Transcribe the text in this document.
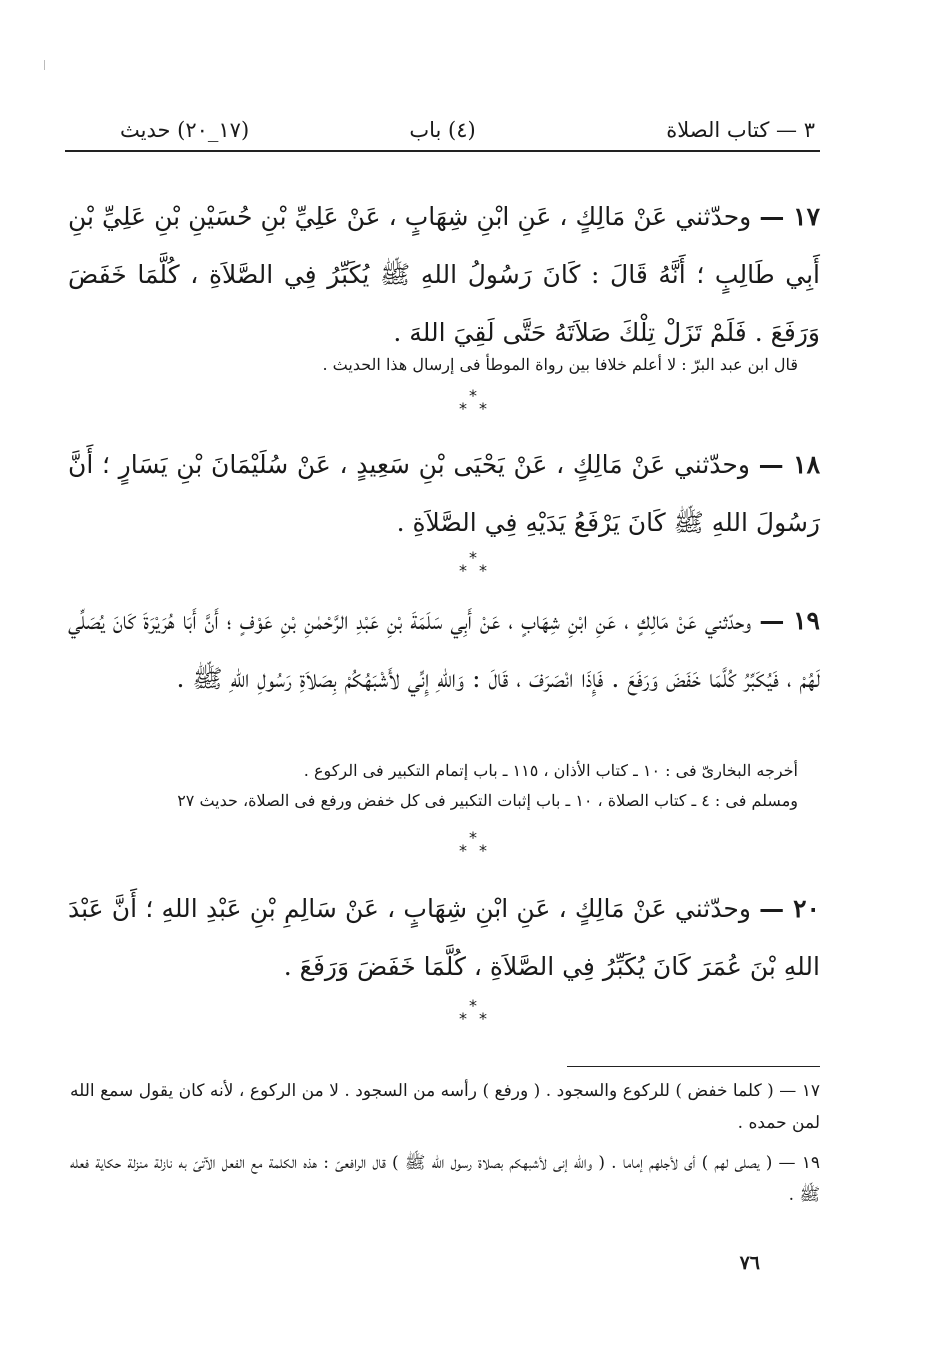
٣ — كتاب الصلاة
(٤) باب
(١٧_٢٠) حديث

١٧ — وحدّثني عَنْ مَالِكٍ ، عَنِ ابْنِ شِهَابٍ ، عَنْ عَلِيِّ بْنِ حُسَيْنِ بْنِ عَلِيِّ بْنِ أَبِي طَالِبٍ ؛ أَنَّهُ قَالَ : كَانَ رَسُولُ اللهِ ﷺ يُكَبِّرُ فِي الصَّلاَةِ ، كُلَّمَا خَفَضَ وَرَفَعَ . فَلَمْ تَزَلْ تِلْكَ صَلاَتَهُ حَتَّى لَقِيَ اللهَ .

قال ابن عبد البرّ : لا أعلم خلافا بين رواة الموطأ فى إرسال هذا الحديث .

*
* *

١٨ — وحدّثني عَنْ مَالِكٍ ، عَنْ يَحْيَى بْنِ سَعِيدٍ ، عَنْ سُلَيْمَانَ بْنِ يَسَارٍ ؛ أَنَّ رَسُولَ اللهِ ﷺ كَانَ يَرْفَعُ يَدَيْهِ فِي الصَّلاَةِ .

*
* *

١٩ — وحدّثني عَنْ مَالِكٍ ، عَنِ ابْنِ شِهَابٍ ، عَنْ أَبِي سَلَمَةَ بْنِ عَبْدِ الرَّحْمٰنِ بْنِ عَوْفٍ ؛ أَنَّ أَبَا هُرَيْرَةَ كَانَ يُصَلِّي لَهُمْ ، فَيُكَبِّرُ كُلَّمَا خَفَضَ وَرَفَعَ . فَإِذَا انْصَرَفَ ، قَالَ : وَاللهِ إِنِّي لأَشْبَهُكُمْ بِصَلاَةِ رَسُولِ اللهِ ﷺ .

أخرجه البخارىّ فى : ١٠ ـ كتاب الأذان ، ١١٥ ـ باب إتمام التكبير فى الركوع .

ومسلم فى : ٤ ـ كتاب الصلاة ، ١٠ ـ باب إثبات التكبير فى كل خفض ورفع فى الصلاة، حديث ٢٧

*
* *

٢٠ — وحدّثني عَنْ مَالِكٍ ، عَنِ ابْنِ شِهَابٍ ، عَنْ سَالِمِ بْنِ عَبْدِ اللهِ ؛ أَنَّ عَبْدَ اللهِ بْنَ عُمَرَ كَانَ يُكَبِّرُ فِي الصَّلاَةِ ، كُلَّمَا خَفَضَ وَرَفَعَ .

*
* *

١٧ — ( كلما خفض ) للركوع والسجود . ( ورفع ) رأسه من السجود . لا من الركوع ، لأنه كان يقول سمع الله لمن حمده .

١٩ — ( يصلى لهم ) أى لأجلهم إماما . ( والله إنى لأشبهكم بصلاة رسول الله ﷺ ) قال الرافعىّ : هذه الكلمة مع الفعل الآتىّ به نازلة منزلة حكاية فعله ﷺ .

٧٦
